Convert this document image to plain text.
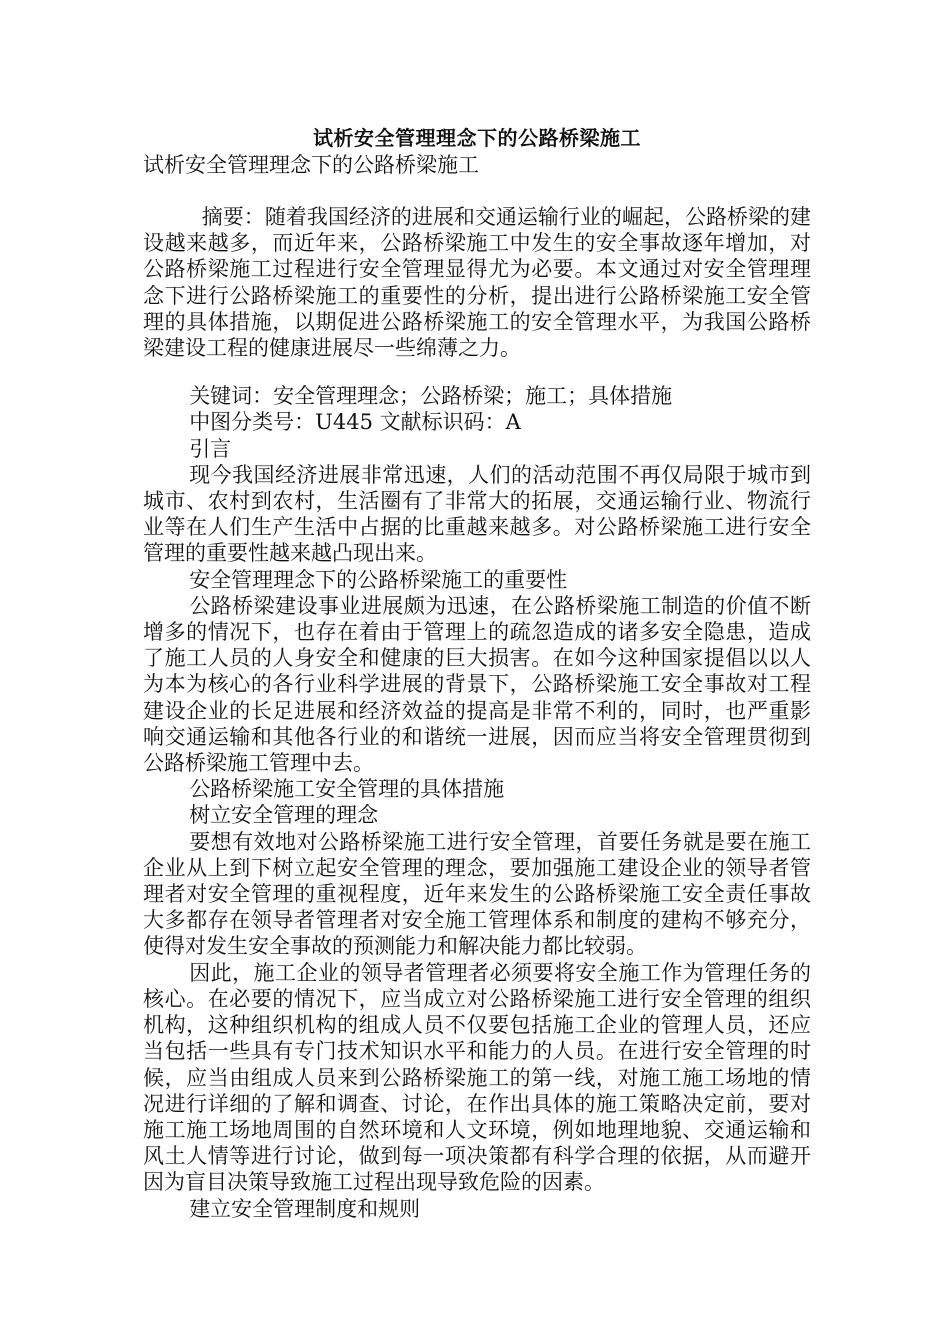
试析安全管理理念下的公路桥梁施工

试析安全管理理念下的公路桥梁施工

摘要：随着我国经济的进展和交通运输行业的崛起，公路桥梁的建设越来越多，而近年来，公路桥梁施工中发生的安全事故逐年增加，对公路桥梁施工过程进行安全管理显得尤为必要。本文通过对安全管理理念下进行公路桥梁施工的重要性的分析，提出进行公路桥梁施工安全管理的具体措施，以期促进公路桥梁施工的安全管理水平，为我国公路桥梁建设工程的健康进展尽一些绵薄之力。

关键词：安全管理理念；公路桥梁；施工；具体措施

中图分类号：U445 文献标识码：A

引言

现今我国经济进展非常迅速，人们的活动范围不再仅局限于城市到城市、农村到农村，生活圈有了非常大的拓展，交通运输行业、物流行业等在人们生产生活中占据的比重越来越多。对公路桥梁施工进行安全管理的重要性越来越凸现出来。

安全管理理念下的公路桥梁施工的重要性

公路桥梁建设事业进展颇为迅速，在公路桥梁施工制造的价值不断增多的情况下，也存在着由于管理上的疏忽造成的诸多安全隐患，造成了施工人员的人身安全和健康的巨大损害。在如今这种国家提倡以以人为本为核心的各行业科学进展的背景下，公路桥梁施工安全事故对工程建设企业的长足进展和经济效益的提高是非常不利的，同时，也严重影响交通运输和其他各行业的和谐统一进展，因而应当将安全管理贯彻到公路桥梁施工管理中去。

公路桥梁施工安全管理的具体措施

树立安全管理的理念

要想有效地对公路桥梁施工进行安全管理，首要任务就是要在施工企业从上到下树立起安全管理的理念，要加强施工建设企业的领导者管理者对安全管理的重视程度，近年来发生的公路桥梁施工安全责任事故大多都存在领导者管理者对安全施工管理体系和制度的建构不够充分，使得对发生安全事故的预测能力和解决能力都比较弱。

因此，施工企业的领导者管理者必须要将安全施工作为管理任务的核心。在必要的情况下，应当成立对公路桥梁施工进行安全管理的组织机构，这种组织机构的组成人员不仅要包括施工企业的管理人员，还应当包括一些具有专门技术知识水平和能力的人员。在进行安全管理的时候，应当由组成人员来到公路桥梁施工的第一线，对施工施工场地的情况进行详细的了解和调查、讨论，在作出具体的施工策略决定前，要对施工施工场地周围的自然环境和人文环境，例如地理地貌、交通运输和风土人情等进行讨论，做到每一项决策都有科学合理的依据，从而避开因为盲目决策导致施工过程出现导致危险的因素。

建立安全管理制度和规则
